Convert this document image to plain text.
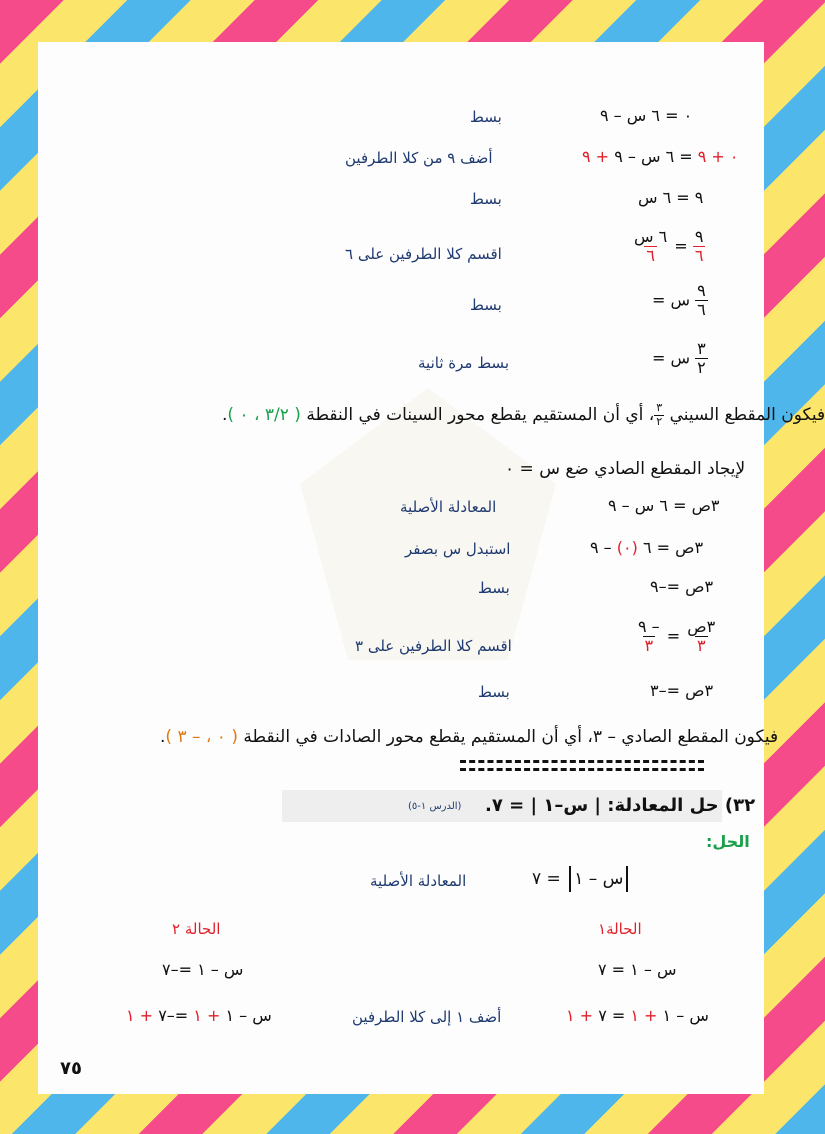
٠ = ٦ س – ٩
بسط
٠ + ٩ = ٦ س – ٩ + ٩
أضف ٩ من كلا الطرفين
٩ = ٦ س
بسط
$\frac{٩}{٦}$
=
$\frac{\text{٦ س}}{٦}$
اقسم كلا الطرفين على ٦
$\frac{٩}{٦}$
س =
بسط
$\frac{٣}{٢}$
س =
بسط مرة ثانية
فيكون المقطع السيني
$\frac{٣}{٢}$
، أي أن المستقيم يقطع محور السينات في النقطة ( ٣/٢ ، ٠ ).
لإيجاد المقطع الصادي ضع س = ٠
٣ص = ٦ س – ٩
المعادلة الأصلية
٣ص = ٦ (٠) – ٩
استبدل س بصفر
٣ص =–٩
بسط
$\frac{\text{٣ص}}{٣}$
=
$\frac{- ٩}{٣}$
اقسم كلا الطرفين على ٣
٣ص =–٣
بسط
فيكون المقطع الصادي – ٣، أي أن المستقيم يقطع محور الصادات في النقطة ( ٠ ، – ٣ ).
٣٢) حل المعادلة: | س–١ | = ٧.
(الدرس ١-٥)
الحل:
س – ١ = ٧
المعادلة الأصلية
الحالة١
الحالة ٢
س – ١ = ٧
س – ١ =–٧
س – ١ + ١ = ٧ + ١
أضف ١ إلى كلا الطرفين
س – ١ + ١ =–٧ + ١
٧٥
